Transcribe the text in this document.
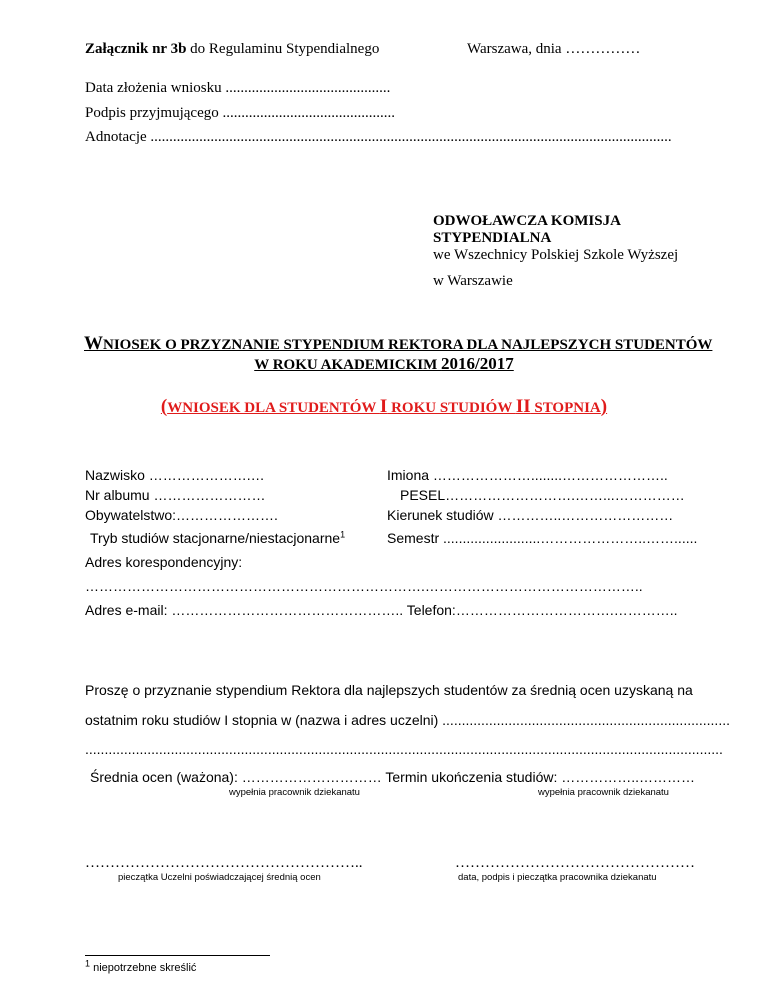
Załącznik nr 3b do Regulaminu Stypendialnego	Warszawa, dnia ……………
Data złożenia wniosku ............................................
Podpis przyjmującego ..............................................
Adnotacje ...........................................................................................................................................
ODWOŁAWCZA KOMISJA
STYPENDIALNA
we Wszechnicy Polskiej Szkole Wyższej
w Warszawie
WNIOSEK O PRZYZNANIE STYPENDIUM REKTORA DLA NAJLEPSZYCH STUDENTÓW
W ROKU AKADEMICKIM 2016/2017
(WNIOSEK DLA STUDENTÓW I ROKU STUDIÓW II STOPNIA)
Nazwisko ………………….…	Imiona …………………........…………………..
Nr albumu ……………………	PESEL……………………….……...……………
Obywatelstwo:………………….	Kierunek studiów …………..……………………
Tryb studiów stacjonarne/niestacjonarne$^1$	Semestr .........................…………………..……......
Adres korespondencyjny:
……………………………………………………………….………………………………………..
Adres e-mail: ………………………………………….. Telefon:…………………………….…………..
Proszę o przyznanie stypendium Rektora dla najlepszych studentów za średnią ocen uzyskaną na
ostatnim roku studiów I stopnia w (nazwa i adres uczelni) ..........................................................................
....................................................................................................................................................................
Średnia ocen (ważona): ………………………… Termin ukończenia studiów: ……………..…………
wypełnia pracownik dziekanatu	wypełnia pracownik dziekanatu
………………………………………………..
pieczątka Uczelni poświadczającej średnią ocen
…………………………………………
data, podpis i pieczątka pracownika dziekanatu
$^1$ niepotrzebne skreślić
